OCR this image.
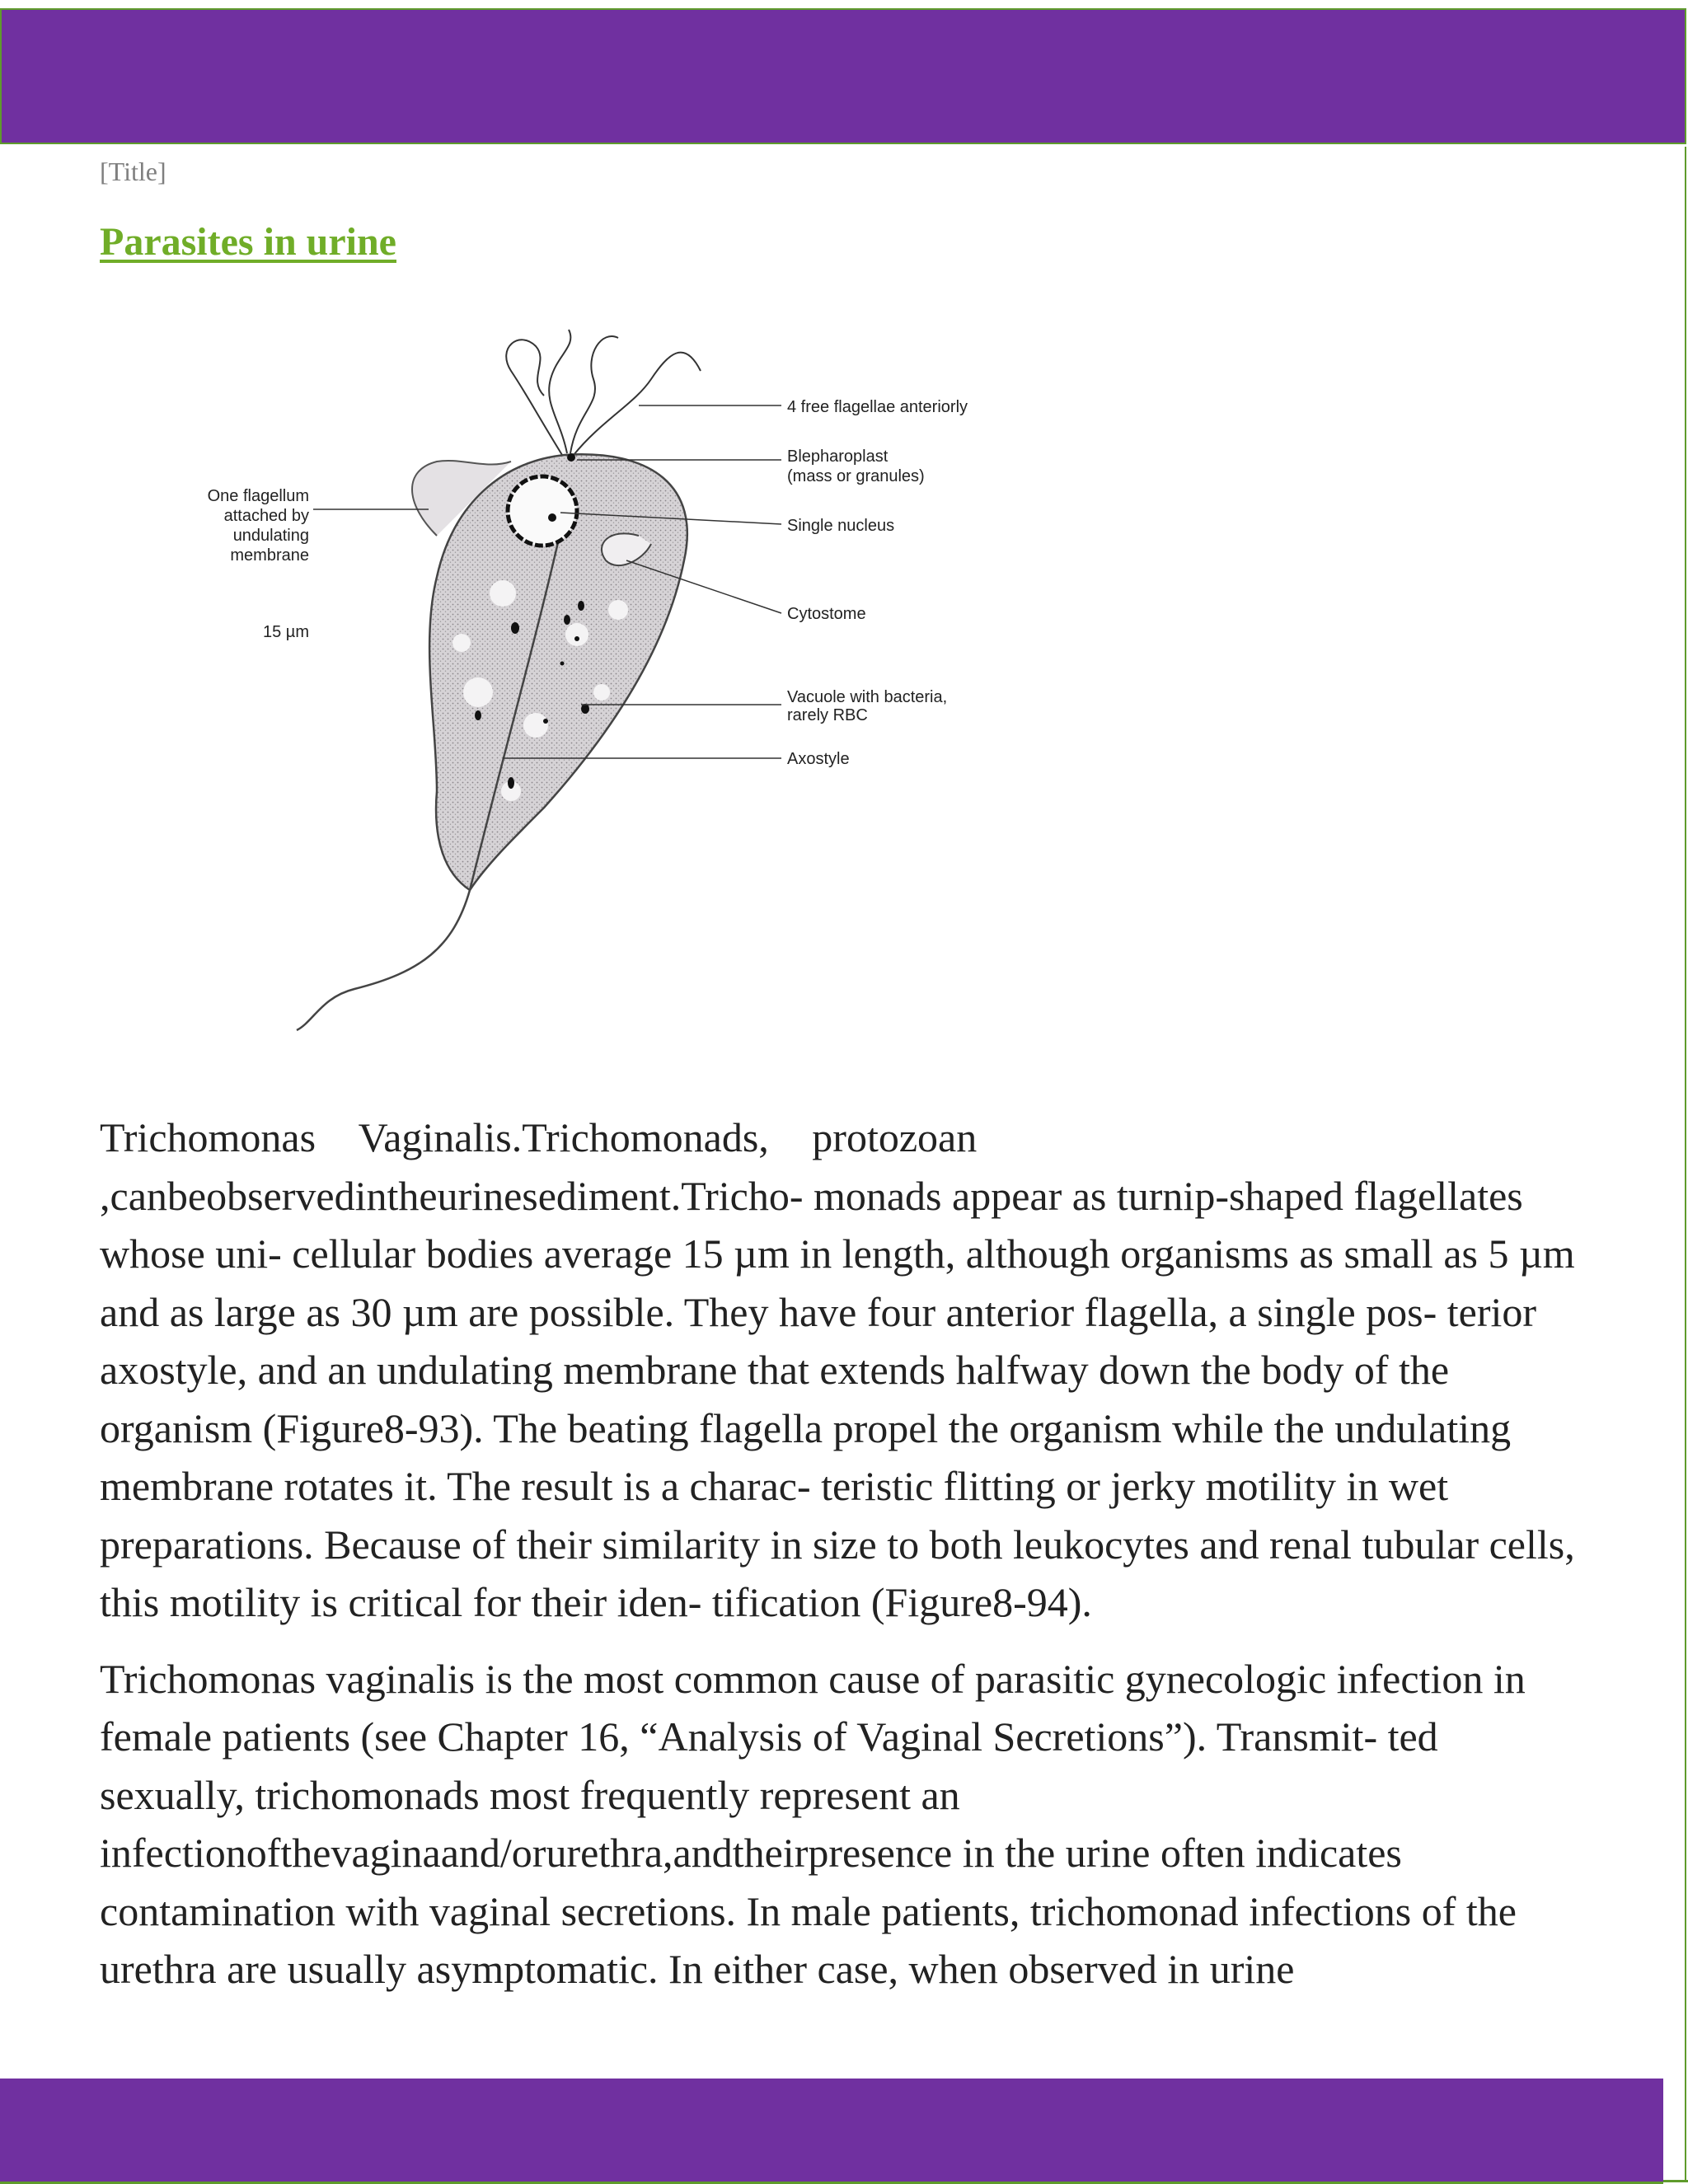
[Title]
Parasites in urine
4 free flagellae anteriorly
Blepharoplast
(mass or granules)
Single nucleus
Cytostome
Vacuole with bacteria,
rarely RBC
Axostyle
One flagellum
attached by
undulating
membrane
15 µm

Trichomonas Vaginalis.Trichomonads, protozoan
,canbeobservedintheurinesediment.Tricho- monads appear as turnip-shaped flagellates whose uni- cellular bodies average 15 µm in length, although organisms as small as 5 µm and as large as 30 µm are possible. They have four anterior flagella, a single pos- terior axostyle, and an undulating membrane that extends halfway down the body of the organism (Figure8-93). The beating flagella propel the organism while the undulating membrane rotates it. The result is a charac- teristic flitting or jerky motility in wet preparations. Because of their similarity in size to both leukocytes and renal tubular cells, this motility is critical for their iden- tification (Figure8-94).

Trichomonas vaginalis is the most common cause of parasitic gynecologic infection in female patients (see Chapter 16, “Analysis of Vaginal Secretions”). Transmit- ted sexually, trichomonads most frequently represent an infectionofthevaginaand/orurethra,andtheirpresence in the urine often indicates contamination with vaginal secretions. In male patients, trichomonad infections of the urethra are usually asymptomatic. In either case, when observed in urine
